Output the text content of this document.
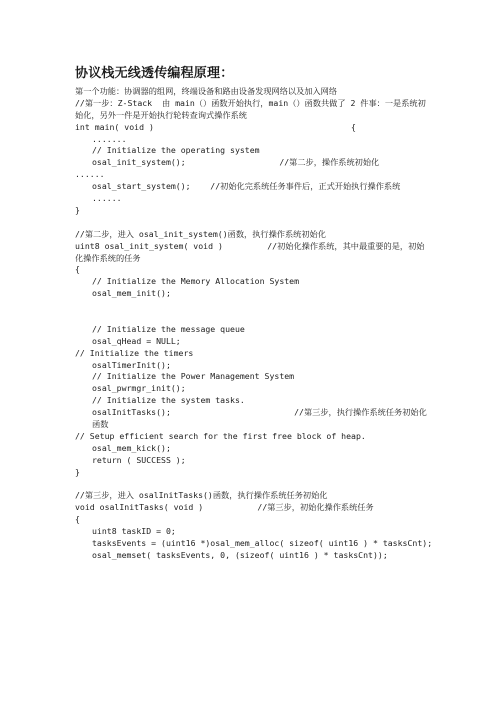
协议栈无线透传编程原理：
第一个功能：协调器的组网，终端设备和路由设备发现网络以及加入网络
//第一步：Z-Stack  由 main（）函数开始执行，main（）函数共做了 2 件事：一是系统初始化，另外一件是开始执行轮转查询式操作系统
int main( void )                                        {
.......
// Initialize the operating system
osal_init_system();                   //第二步，操作系统初始化
......
osal_start_system();    //初始化完系统任务事件后，正式开始执行操作系统
......
}
//第二步，进入 osal_init_system()函数，执行操作系统初始化
uint8 osal_init_system( void )         //初始化操作系统，其中最重要的是，初始化操作系统的任务
{
// Initialize the Memory Allocation System
osal_mem_init();
// Initialize the message queue
osal_qHead = NULL;
// Initialize the timers
osalTimerInit();
// Initialize the Power Management System
osal_pwrmgr_init();
// Initialize the system tasks.
osalInitTasks();                         //第三步，执行操作系统任务初始化函数
// Setup efficient search for the first free block of heap.
osal_mem_kick();
return ( SUCCESS );
}
//第三步，进入 osalInitTasks()函数，执行操作系统任务初始化
void osalInitTasks( void )           //第三步，初始化操作系统任务
{
uint8 taskID = 0;
tasksEvents = (uint16 *)osal_mem_alloc( sizeof( uint16 ) * tasksCnt);
osal_memset( tasksEvents, 0, (sizeof( uint16 ) * tasksCnt));
